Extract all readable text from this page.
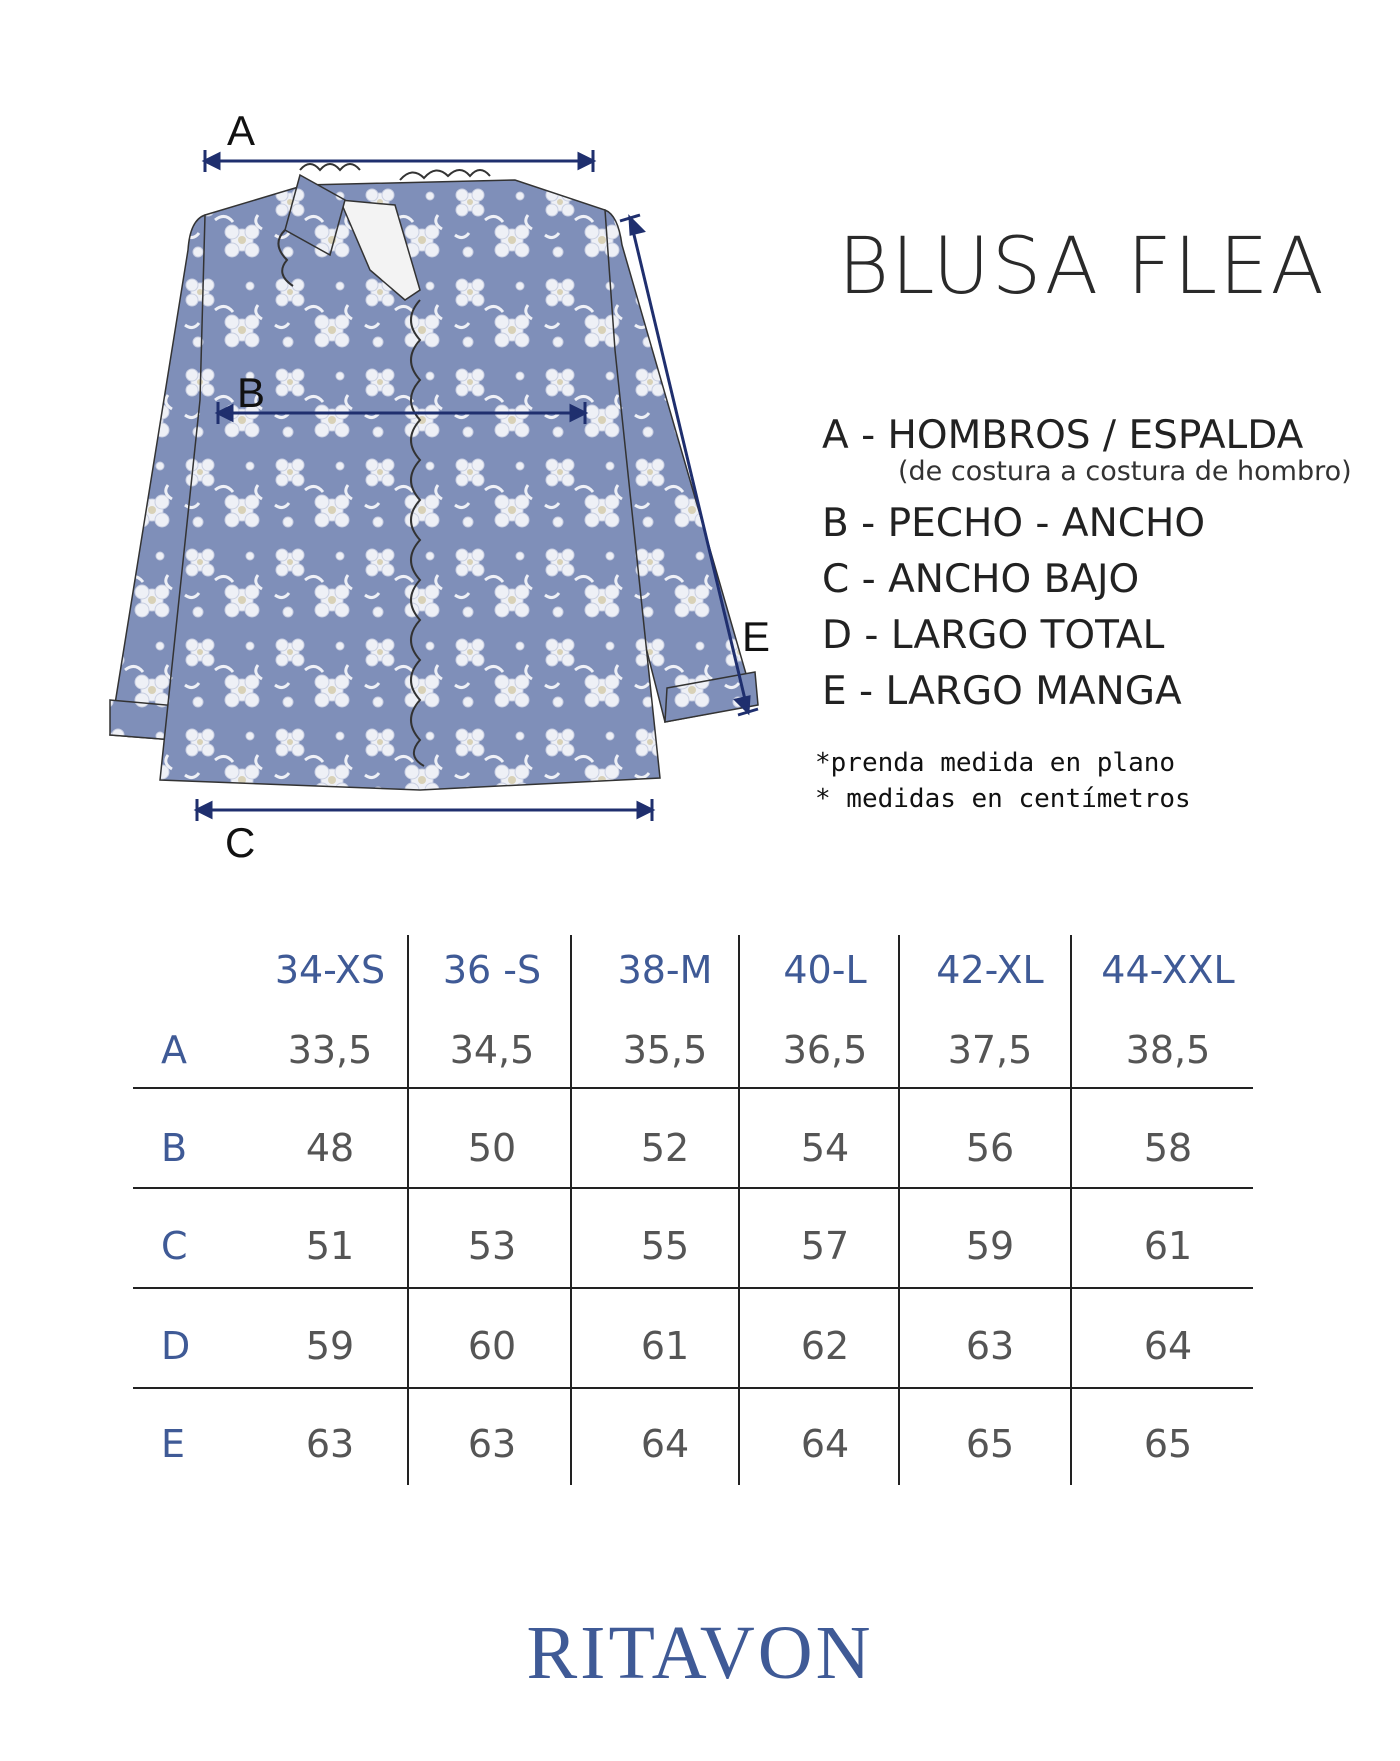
A
B
C
E
BLUSA FLEA
A - HOMBROS / ESPALDA
(de costura a costura de hombro)
B - PECHO - ANCHO
C - ANCHO BAJO
D - LARGO TOTAL
E - LARGO MANGA
*prenda medida en plano
* medidas en centímetros
34-XS	36 -S	38-M	40-L	42-XL	44-XXL
A	33,5	34,5	35,5	36,5	37,5	38,5
B	48	50	52	54	56	58
C	51	53	55	57	59	61
D	59	60	61	62	63	64
E	63	63	64	64	65	65
RITAVON
